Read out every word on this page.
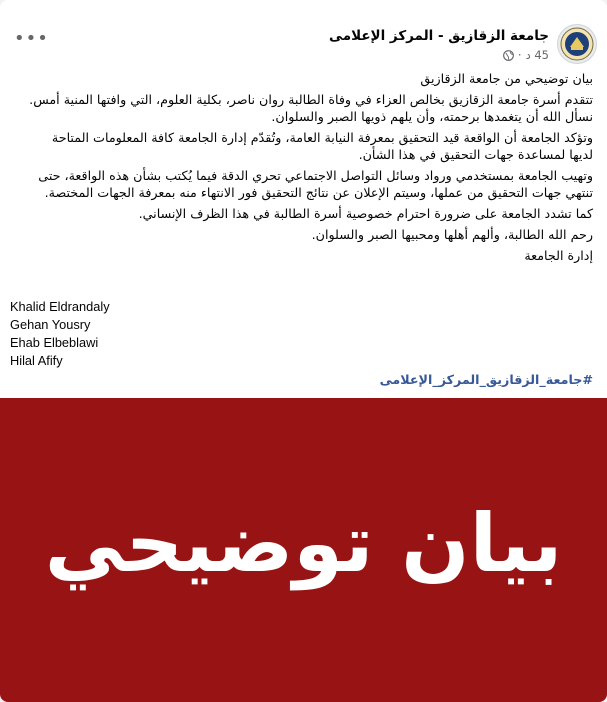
جامعة الزقازيق - المركز الإعلامى
45 د
·
•••

بيان توضيحي من جامعة الزقازيق

تتقدم أسرة جامعة الزقازيق بخالص العزاء في وفاة الطالبة روان ناصر، بكلية العلوم، التي وافتها المنية أمس.
نسأل الله أن يتغمدها برحمته، وأن يلهم ذويها الصبر والسلوان.

وتؤكد الجامعة أن الواقعة قيد التحقيق بمعرفة النيابة العامة، وتُقدّم إدارة الجامعة كافة المعلومات المتاحة
لديها لمساعدة جهات التحقيق في هذا الشأن.

وتهيب الجامعة بمستخدمي ورواد وسائل التواصل الاجتماعي تحري الدقة فيما يُكتب بشأن هذه الواقعة، حتى
تنتهي جهات التحقيق من عملها، وسيتم الإعلان عن نتائج التحقيق فور الانتهاء منه بمعرفة الجهات المختصة.

كما تشدد الجامعة على ضرورة احترام خصوصية أسرة الطالبة في هذا الظرف الإنساني.

رحم الله الطالبة، وألهم أهلها ومحبيها الصبر والسلوان.

إدارة الجامعة

Khalid Eldrandaly
Gehan Yousry
Ehab Elbeblawi
Hilal Afify
#جامعة_الزقازيق_المركز_الإعلامى
بيان توضيحي
